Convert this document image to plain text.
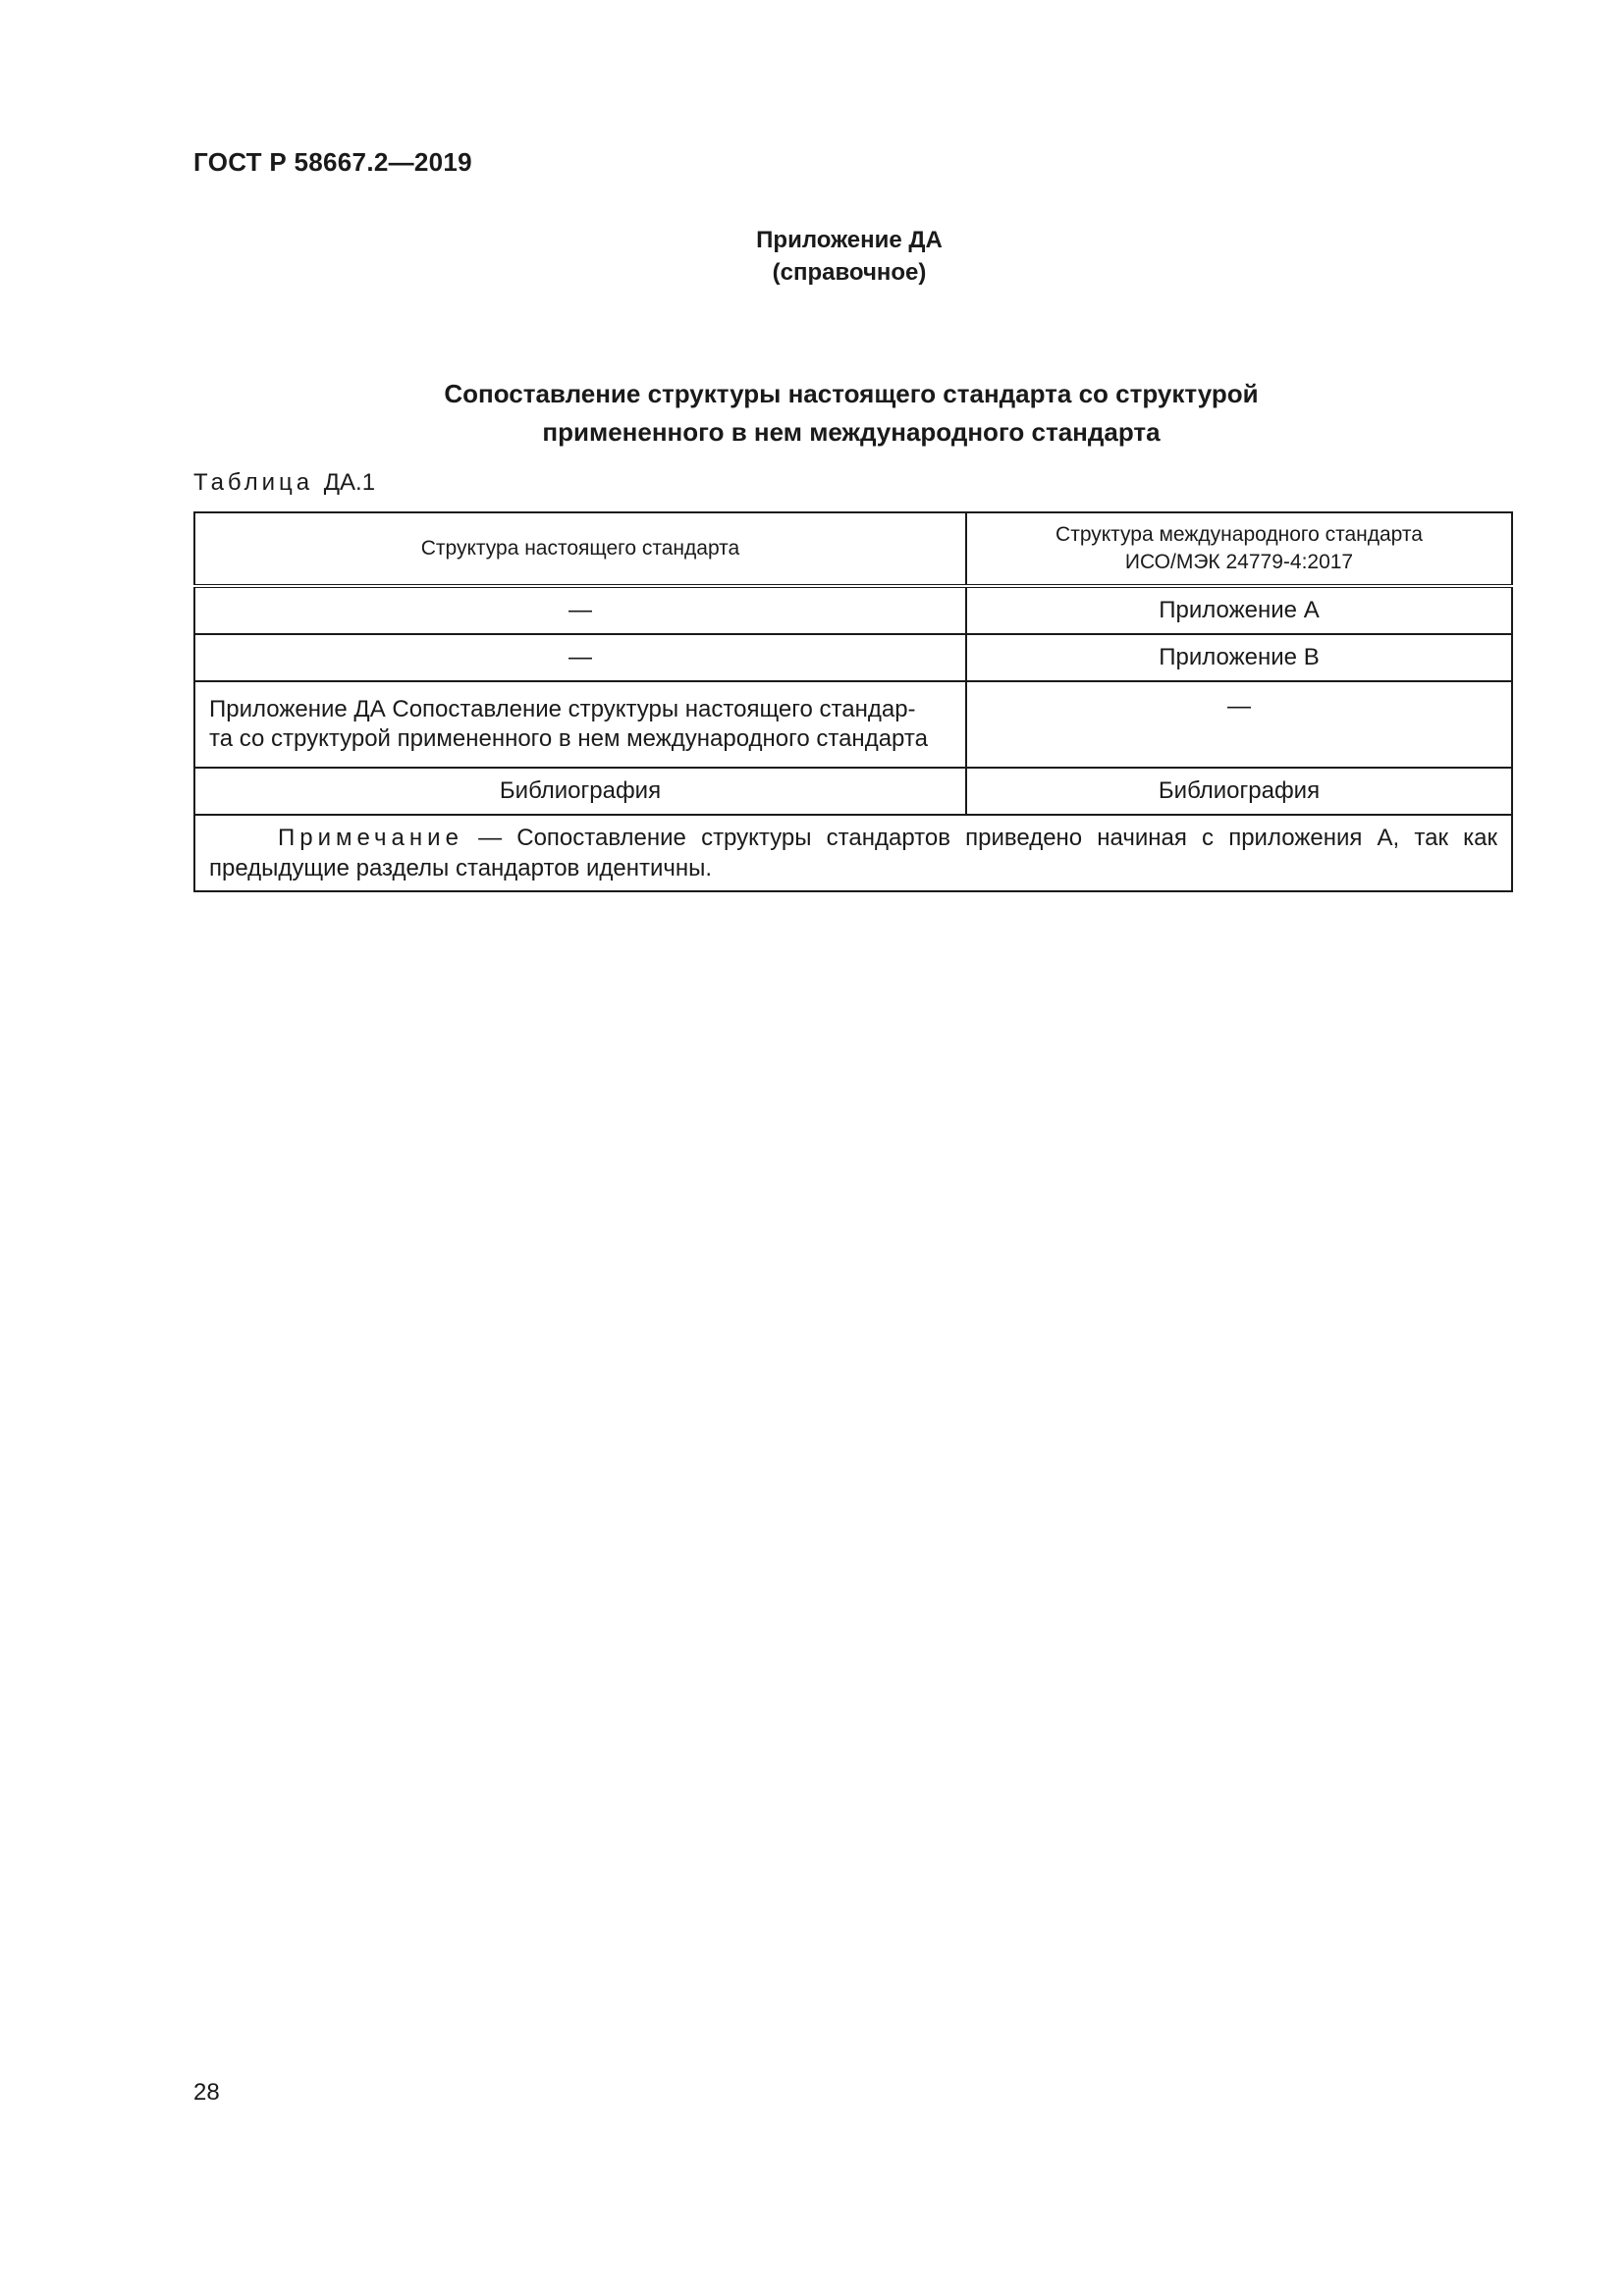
ГОСТ Р 58667.2—2019
Приложение ДА
(справочное)
Сопоставление структуры настоящего стандарта со структурой
примененного в нем международного стандарта
Таблица ДА.1
Структура настоящего стандарта	Структура международного стандарта
ИСО/МЭК 24779-4:2017

—	Приложение А
—	Приложение В

Приложение ДА Сопоставление структуры настоящего стандар-
та со структурой примененного в нем международного стандарта	—
Библиография	Библиография
Примечание — Сопоставление структуры стандартов приведено начиная с приложения А, так как предыдущие разделы стандартов идентичны.	
28
